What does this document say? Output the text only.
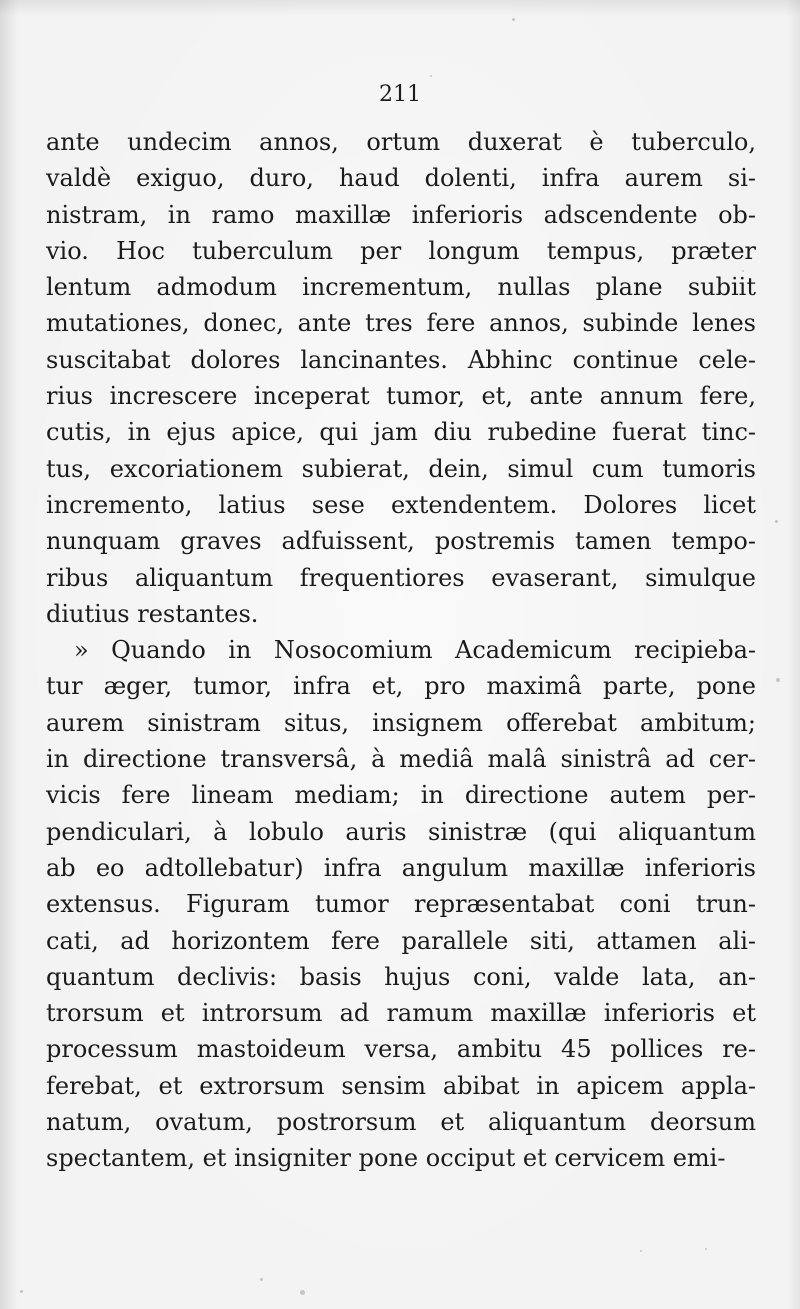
211
ante undecim annos, ortum duxerat è tuberculo,
valdè exiguo, duro, haud dolenti, infra aurem si-
nistram, in ramo maxillæ inferioris adscendente ob-
vio. Hoc tuberculum per longum tempus, præter
lentum admodum incrementum, nullas plane subiit
mutationes, donec, ante tres fere annos, subinde lenes
suscitabat dolores lancinantes. Abhinc continue cele-
rius increscere inceperat tumor, et, ante annum fere,
cutis, in ejus apice, qui jam diu rubedine fuerat tinc-
tus, excoriationem subierat, dein, simul cum tumoris
incremento, latius sese extendentem. Dolores licet
nunquam graves adfuissent, postremis tamen tempo-
ribus aliquantum frequentiores evaserant, simulque
diutius restantes.
» Quando in Nosocomium Academicum recipieba-
tur æger, tumor, infra et, pro maximâ parte, pone
aurem sinistram situs, insignem offerebat ambitum;
in directione transversâ, à mediâ malâ sinistrâ ad cer-
vicis fere lineam mediam; in directione autem per-
pendiculari, à lobulo auris sinistræ (qui aliquantum
ab eo adtollebatur) infra angulum maxillæ inferioris
extensus. Figuram tumor repræsentabat coni trun-
cati, ad horizontem fere parallele siti, attamen ali-
quantum declivis: basis hujus coni, valde lata, an-
trorsum et introrsum ad ramum maxillæ inferioris et
processum mastoideum versa, ambitu 45 pollices re-
ferebat, et extrorsum sensim abibat in apicem appla-
natum, ovatum, postrorsum et aliquantum deorsum
spectantem, et insigniter pone occiput et cervicem emi-
